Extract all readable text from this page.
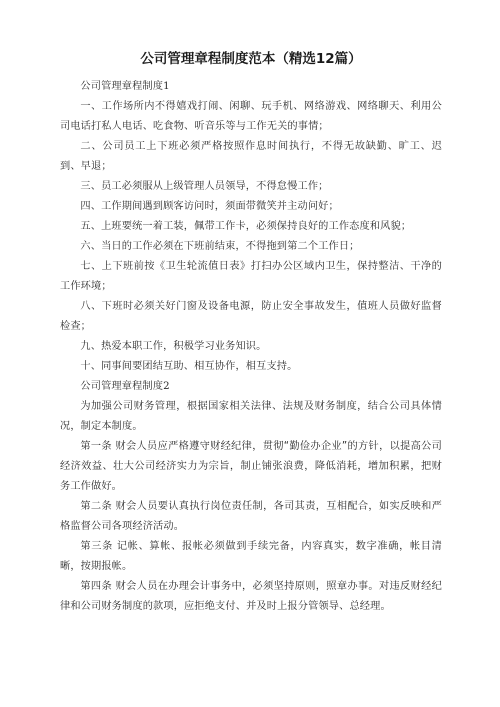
公司管理章程制度范本（精选12篇）

公司管理章程制度1

一、工作场所内不得嬉戏打闹、闲聊、玩手机、网络游戏、网络聊天、利用公司电话打私人电话、吃食物、听音乐等与工作无关的事情；

二、公司员工上下班必须严格按照作息时间执行，不得无故缺勤、旷工、迟到、早退；

三、员工必须服从上级管理人员领导，不得怠慢工作；

四、工作期间遇到顾客访问时，须面带微笑并主动问好；

五、上班要统一着工装，佩带工作卡，必须保持良好的工作态度和风貌；

六、当日的工作必须在下班前结束，不得拖到第二个工作日；

七、上下班前按《卫生轮流值日表》打扫办公区域内卫生，保持整洁、干净的工作环境；

八、下班时必须关好门窗及设备电源，防止安全事故发生，值班人员做好监督检查；

九、热爱本职工作，积极学习业务知识。

十、同事间要团结互助、相互协作，相互支持。

公司管理章程制度2

为加强公司财务管理，根据国家相关法律、法规及财务制度，结合公司具体情况，制定本制度。

第一条 财会人员应严格遵守财经纪律，贯彻“勤俭办企业”的方针，以提高公司经济效益、壮大公司经济实力为宗旨，制止铺张浪费，降低消耗，增加积累，把财务工作做好。

第二条 财会人员要认真执行岗位责任制，各司其责，互相配合，如实反映和严格监督公司各项经济活动。

第三条 记帐、算帐、报帐必须做到手续完备，内容真实，数字准确，帐目清晰，按期报帐。

第四条 财会人员在办理会计事务中，必须坚持原则，照章办事。对违反财经纪律和公司财务制度的款项，应拒绝支付、并及时上报分管领导、总经理。
